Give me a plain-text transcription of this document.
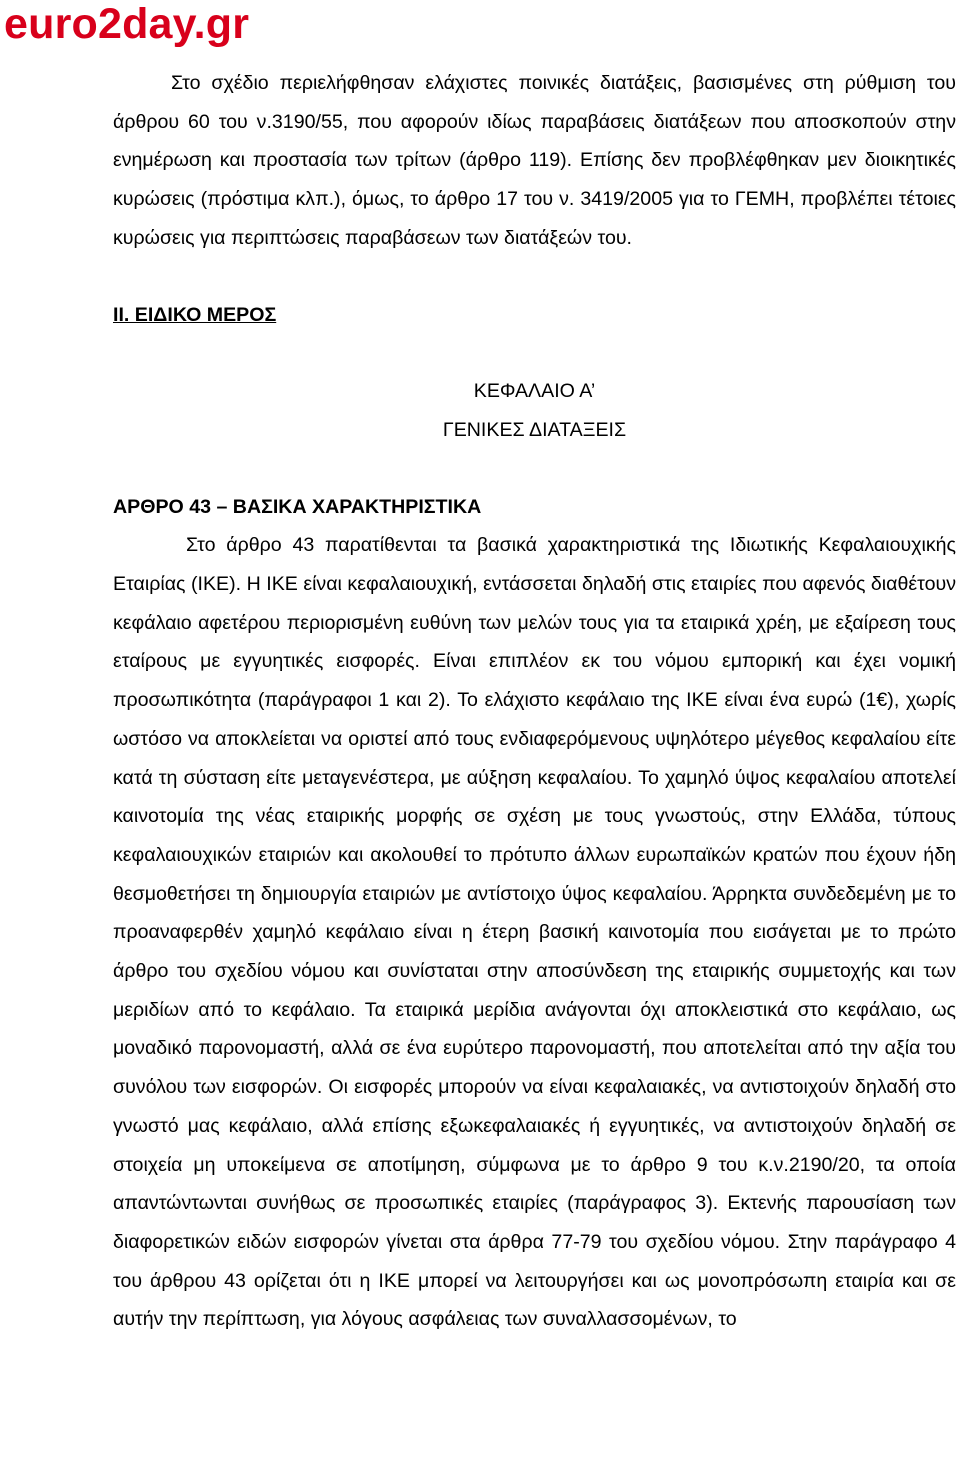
euro2day.gr

Στο σχέδιο περιελήφθησαν ελάχιστες ποινικές διατάξεις, βασισμένες στη ρύθμιση του άρθρου 60 του ν.3190/55, που αφορούν ιδίως παραβάσεις διατάξεων που αποσκοπούν στην ενημέρωση και προστασία των τρίτων (άρθρο 119). Επίσης δεν προβλέφθηκαν μεν διοικητικές κυρώσεις (πρόστιμα κλπ.), όμως, το άρθρο 17 του ν. 3419/2005 για το ΓΕΜΗ, προβλέπει τέτοιες κυρώσεις για περιπτώσεις παραβάσεων των διατάξεών του.

ΙΙ. ΕΙΔΙΚΟ ΜΕΡΟΣ

ΚΕΦΑΛΑΙΟ Α’

ΓΕΝΙΚΕΣ ΔΙΑΤΑΞΕΙΣ

ΑΡΘΡΟ 43 – ΒΑΣΙΚΑ ΧΑΡΑΚΤΗΡΙΣΤΙΚΑ

Στο άρθρο 43 παρατίθενται τα βασικά χαρακτηριστικά της Ιδιωτικής Κεφαλαιουχικής Εταιρίας (ΙΚΕ). Η ΙΚΕ είναι κεφαλαιουχική, εντάσσεται δηλαδή στις εταιρίες που αφενός διαθέτουν κεφάλαιο αφετέρου περιορισμένη ευθύνη των μελών τους για τα εταιρικά χρέη, με εξαίρεση τους εταίρους με εγγυητικές εισφορές. Είναι επιπλέον εκ του νόμου εμπορική και έχει νομική προσωπικότητα (παράγραφοι 1 και 2). Το ελάχιστο κεφάλαιο της ΙΚΕ είναι ένα ευρώ (1€), χωρίς ωστόσο να αποκλείεται να οριστεί από τους ενδιαφερόμενους υψηλότερο μέγεθος κεφαλαίου είτε κατά τη σύσταση είτε μεταγενέστερα, με αύξηση κεφαλαίου. Το χαμηλό ύψος κεφαλαίου αποτελεί καινοτομία της νέας εταιρικής μορφής σε σχέση με τους γνωστούς, στην Ελλάδα, τύπους κεφαλαιουχικών εταιριών και ακολουθεί το πρότυπο άλλων ευρωπαϊκών κρατών που έχουν ήδη θεσμοθετήσει τη δημιουργία εταιριών με αντίστοιχο ύψος κεφαλαίου. Άρρηκτα συνδεδεμένη με το προαναφερθέν χαμηλό κεφάλαιο είναι η έτερη βασική καινοτομία που εισάγεται με το πρώτο άρθρο του σχεδίου νόμου και συνίσταται στην αποσύνδεση της εταιρικής συμμετοχής και των μεριδίων από το κεφάλαιο. Τα εταιρικά μερίδια ανάγονται όχι αποκλειστικά στο κεφάλαιο, ως μοναδικό παρονομαστή, αλλά σε ένα ευρύτερο παρονομαστή, που αποτελείται από την αξία του συνόλου των εισφορών. Οι εισφορές μπορούν να είναι κεφαλαιακές, να αντιστοιχούν δηλαδή στο γνωστό μας κεφάλαιο, αλλά επίσης εξωκεφαλαιακές ή εγγυητικές, να αντιστοιχούν δηλαδή σε στοιχεία μη υποκείμενα σε αποτίμηση, σύμφωνα με το άρθρο 9 του κ.ν.2190/20, τα οποία απαντώντωνται συνήθως σε προσωπικές εταιρίες (παράγραφος 3). Εκτενής παρουσίαση των διαφορετικών ειδών εισφορών γίνεται στα άρθρα 77-79 του σχεδίου νόμου. Στην παράγραφο 4 του άρθρου 43 ορίζεται ότι η ΙΚΕ μπορεί να λειτουργήσει και ως μονοπρόσωπη εταιρία και σε αυτήν την περίπτωση, για λόγους ασφάλειας των συναλλασσομένων, το
